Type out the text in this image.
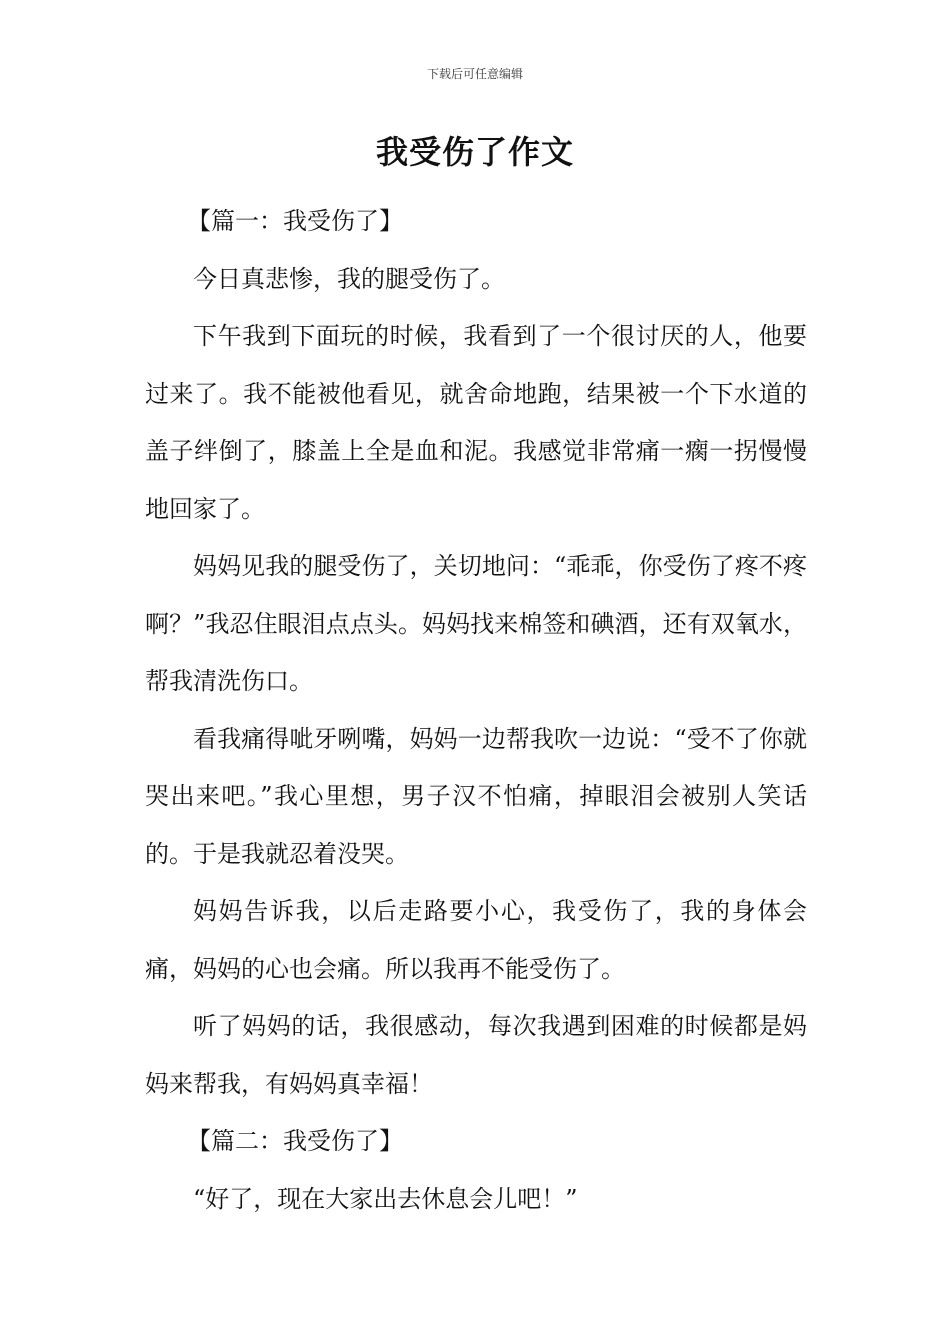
下载后可任意编辑
我受伤了作文

【篇一：我受伤了】

今日真悲惨，我的腿受伤了。

下午我到下面玩的时候，我看到了一个很讨厌的人，他要过来了。我不能被他看见，就舍命地跑，结果被一个下水道的盖子绊倒了，膝盖上全是血和泥。我感觉非常痛一瘸一拐慢慢地回家了。

妈妈见我的腿受伤了，关切地问：“乖乖，你受伤了疼不疼啊？”我忍住眼泪点点头。妈妈找来棉签和碘酒，还有双氧水，帮我清洗伤口。

看我痛得呲牙咧嘴，妈妈一边帮我吹一边说：“受不了你就哭出来吧。”我心里想，男子汉不怕痛，掉眼泪会被别人笑话的。于是我就忍着没哭。

妈妈告诉我，以后走路要小心，我受伤了，我的身体会痛，妈妈的心也会痛。所以我再不能受伤了。

听了妈妈的话，我很感动，每次我遇到困难的时候都是妈妈来帮我，有妈妈真幸福！

【篇二：我受伤了】

“好了，现在大家出去休息会儿吧！”
